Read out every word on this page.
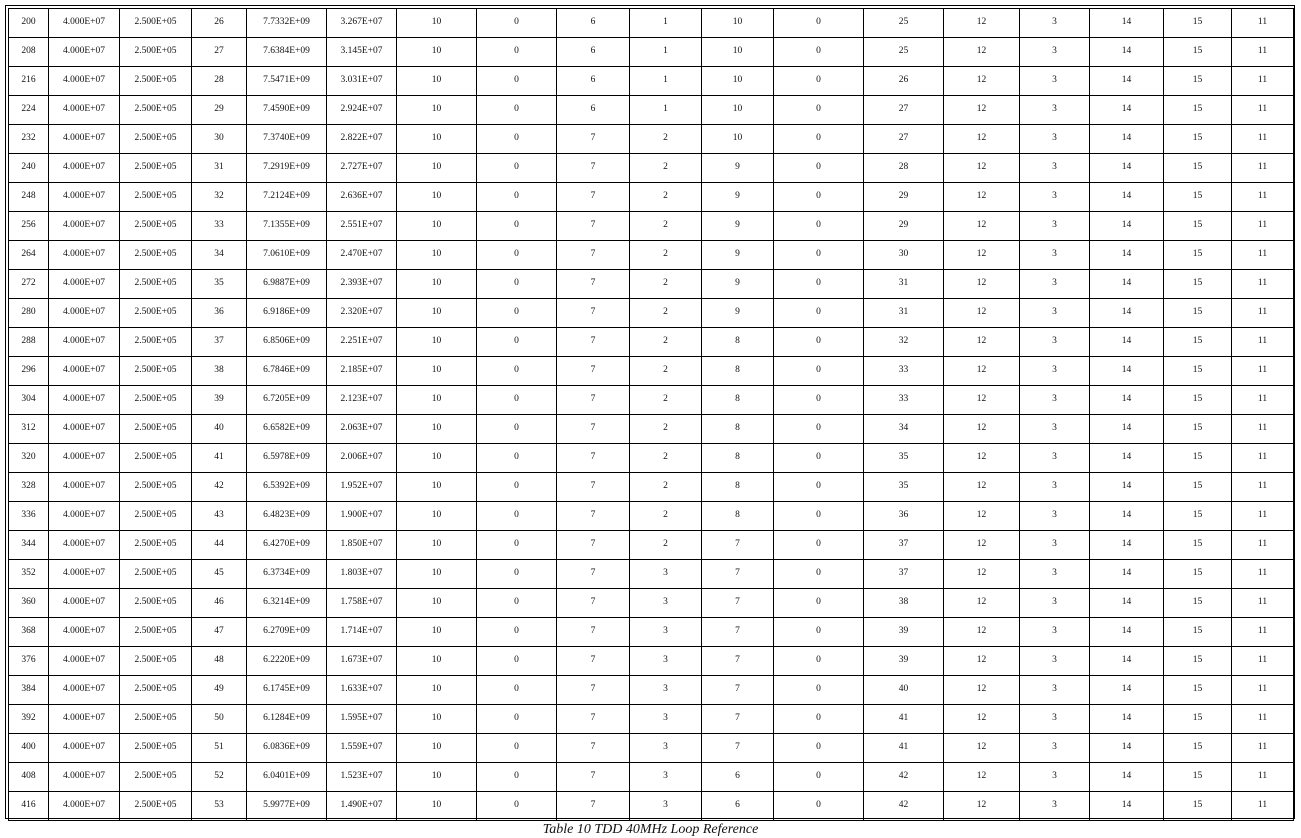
200	4.000E+07	2.500E+05	26	7.7332E+09	3.267E+07	10	0	6	1	10	0	25	12	3	14	15	11
208	4.000E+07	2.500E+05	27	7.6384E+09	3.145E+07	10	0	6	1	10	0	25	12	3	14	15	11
216	4.000E+07	2.500E+05	28	7.5471E+09	3.031E+07	10	0	6	1	10	0	26	12	3	14	15	11
224	4.000E+07	2.500E+05	29	7.4590E+09	2.924E+07	10	0	6	1	10	0	27	12	3	14	15	11
232	4.000E+07	2.500E+05	30	7.3740E+09	2.822E+07	10	0	7	2	10	0	27	12	3	14	15	11
240	4.000E+07	2.500E+05	31	7.2919E+09	2.727E+07	10	0	7	2	9	0	28	12	3	14	15	11
248	4.000E+07	2.500E+05	32	7.2124E+09	2.636E+07	10	0	7	2	9	0	29	12	3	14	15	11
256	4.000E+07	2.500E+05	33	7.1355E+09	2.551E+07	10	0	7	2	9	0	29	12	3	14	15	11
264	4.000E+07	2.500E+05	34	7.0610E+09	2.470E+07	10	0	7	2	9	0	30	12	3	14	15	11
272	4.000E+07	2.500E+05	35	6.9887E+09	2.393E+07	10	0	7	2	9	0	31	12	3	14	15	11
280	4.000E+07	2.500E+05	36	6.9186E+09	2.320E+07	10	0	7	2	9	0	31	12	3	14	15	11
288	4.000E+07	2.500E+05	37	6.8506E+09	2.251E+07	10	0	7	2	8	0	32	12	3	14	15	11
296	4.000E+07	2.500E+05	38	6.7846E+09	2.185E+07	10	0	7	2	8	0	33	12	3	14	15	11
304	4.000E+07	2.500E+05	39	6.7205E+09	2.123E+07	10	0	7	2	8	0	33	12	3	14	15	11
312	4.000E+07	2.500E+05	40	6.6582E+09	2.063E+07	10	0	7	2	8	0	34	12	3	14	15	11
320	4.000E+07	2.500E+05	41	6.5978E+09	2.006E+07	10	0	7	2	8	0	35	12	3	14	15	11
328	4.000E+07	2.500E+05	42	6.5392E+09	1.952E+07	10	0	7	2	8	0	35	12	3	14	15	11
336	4.000E+07	2.500E+05	43	6.4823E+09	1.900E+07	10	0	7	2	8	0	36	12	3	14	15	11
344	4.000E+07	2.500E+05	44	6.4270E+09	1.850E+07	10	0	7	2	7	0	37	12	3	14	15	11
352	4.000E+07	2.500E+05	45	6.3734E+09	1.803E+07	10	0	7	3	7	0	37	12	3	14	15	11
360	4.000E+07	2.500E+05	46	6.3214E+09	1.758E+07	10	0	7	3	7	0	38	12	3	14	15	11
368	4.000E+07	2.500E+05	47	6.2709E+09	1.714E+07	10	0	7	3	7	0	39	12	3	14	15	11
376	4.000E+07	2.500E+05	48	6.2220E+09	1.673E+07	10	0	7	3	7	0	39	12	3	14	15	11
384	4.000E+07	2.500E+05	49	6.1745E+09	1.633E+07	10	0	7	3	7	0	40	12	3	14	15	11
392	4.000E+07	2.500E+05	50	6.1284E+09	1.595E+07	10	0	7	3	7	0	41	12	3	14	15	11
400	4.000E+07	2.500E+05	51	6.0836E+09	1.559E+07	10	0	7	3	7	0	41	12	3	14	15	11
408	4.000E+07	2.500E+05	52	6.0401E+09	1.523E+07	10	0	7	3	6	0	42	12	3	14	15	11
416	4.000E+07	2.500E+05	53	5.9977E+09	1.490E+07	10	0	7	3	6	0	42	12	3	14	15	11
Table 10 TDD 40MHz Loop Reference
